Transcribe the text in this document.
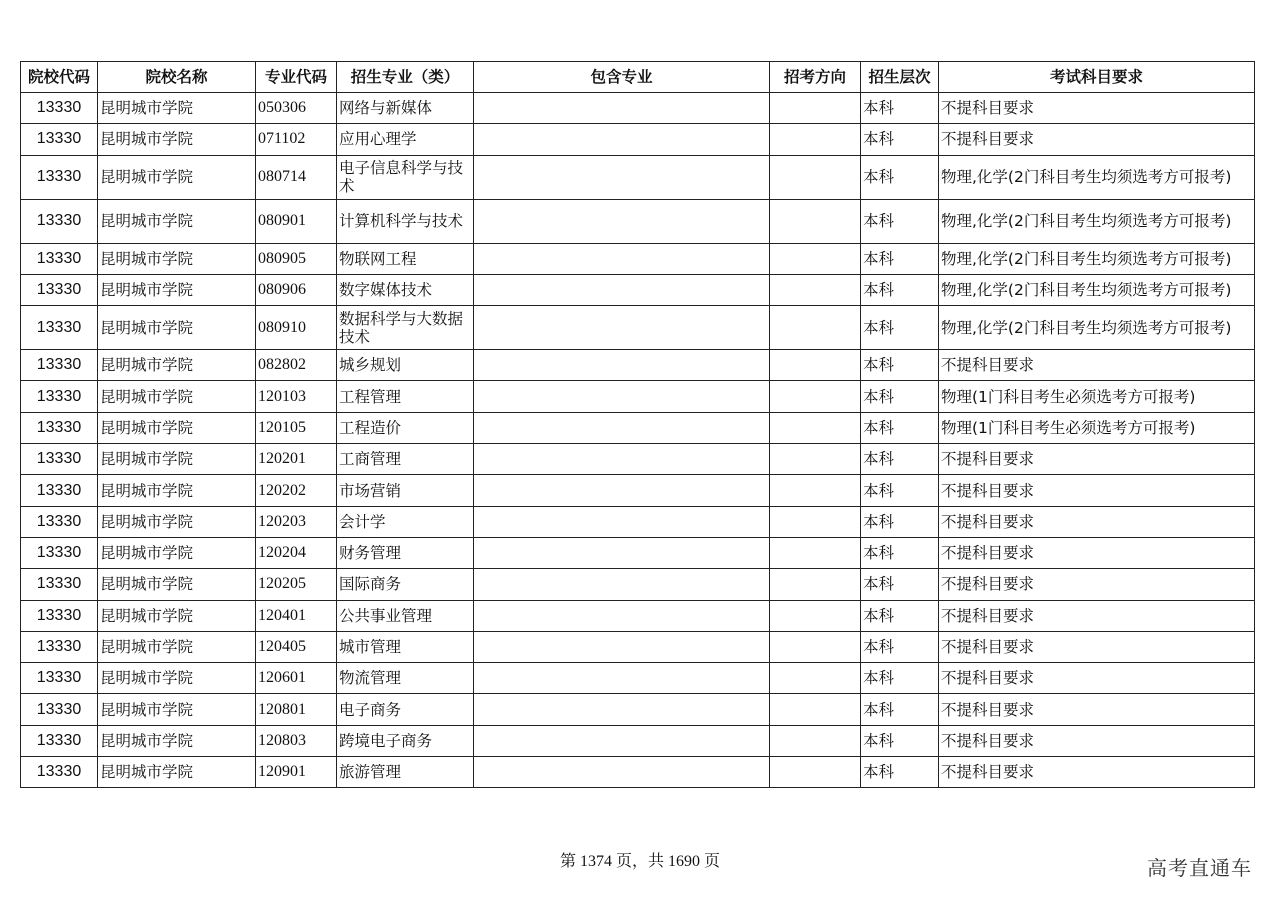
院校代码	院校名称	专业代码	招生专业（类）	包含专业	招考方向	招生层次	考试科目要求
13330	昆明城市学院	050306	网络与新媒体			本科	不提科目要求
13330	昆明城市学院	071102	应用心理学			本科	不提科目要求
13330	昆明城市学院	080714	电子信息科学与技术			本科	物理,化学(2门科目考生均须选考方可报考)
13330	昆明城市学院	080901	计算机科学与技术			本科	物理,化学(2门科目考生均须选考方可报考)
13330	昆明城市学院	080905	物联网工程			本科	物理,化学(2门科目考生均须选考方可报考)
13330	昆明城市学院	080906	数字媒体技术			本科	物理,化学(2门科目考生均须选考方可报考)
13330	昆明城市学院	080910	数据科学与大数据技术			本科	物理,化学(2门科目考生均须选考方可报考)
13330	昆明城市学院	082802	城乡规划			本科	不提科目要求
13330	昆明城市学院	120103	工程管理			本科	物理(1门科目考生必须选考方可报考)
13330	昆明城市学院	120105	工程造价			本科	物理(1门科目考生必须选考方可报考)
13330	昆明城市学院	120201	工商管理			本科	不提科目要求
13330	昆明城市学院	120202	市场营销			本科	不提科目要求
13330	昆明城市学院	120203	会计学			本科	不提科目要求
13330	昆明城市学院	120204	财务管理			本科	不提科目要求
13330	昆明城市学院	120205	国际商务			本科	不提科目要求
13330	昆明城市学院	120401	公共事业管理			本科	不提科目要求
13330	昆明城市学院	120405	城市管理			本科	不提科目要求
13330	昆明城市学院	120601	物流管理			本科	不提科目要求
13330	昆明城市学院	120801	电子商务			本科	不提科目要求
13330	昆明城市学院	120803	跨境电子商务			本科	不提科目要求
13330	昆明城市学院	120901	旅游管理			本科	不提科目要求
第 1374 页，共 1690 页	高考直通车
